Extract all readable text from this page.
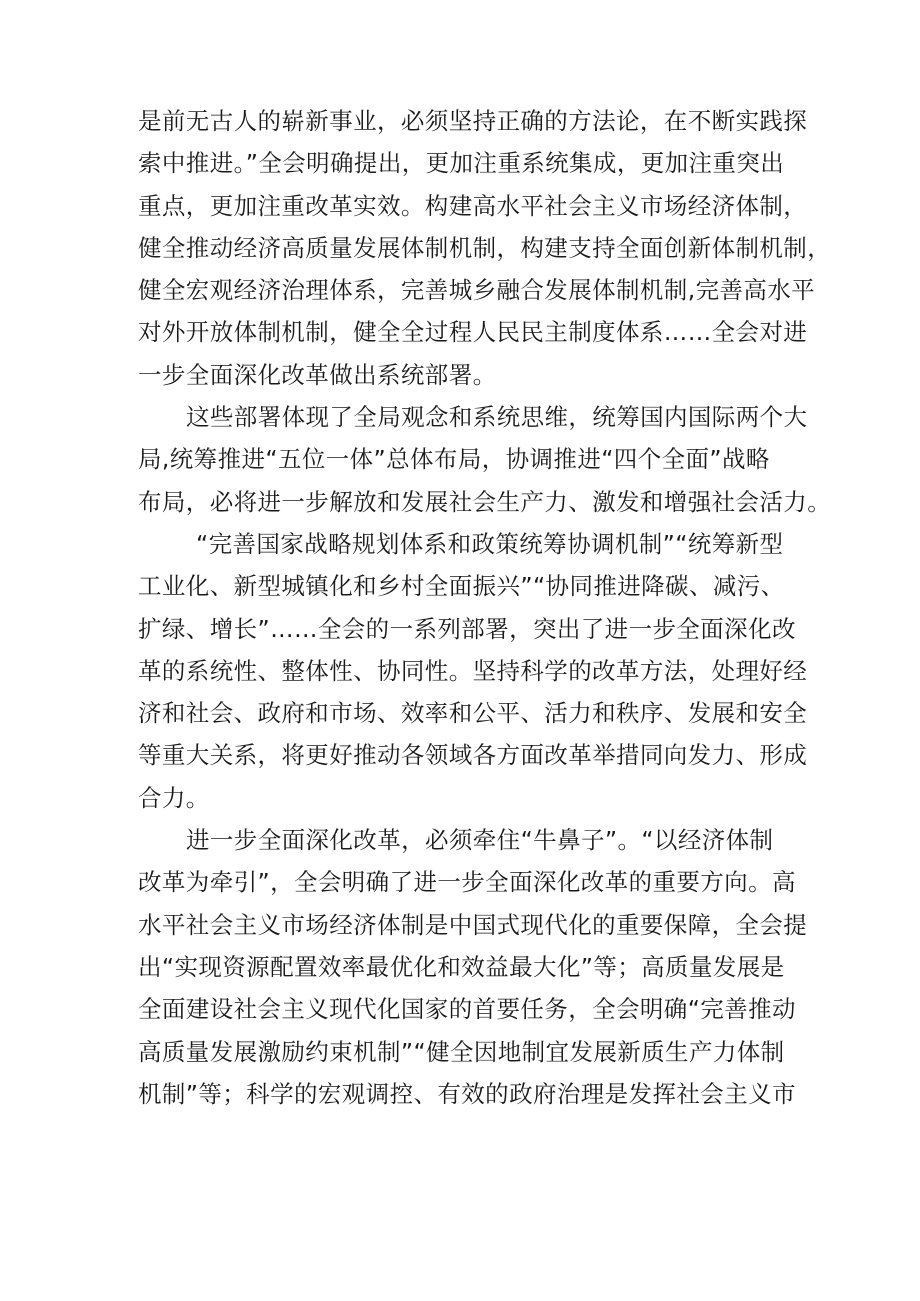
是前无古人的崭新事业，必须坚持正确的方法论，在不断实践探
索中推进。”全会明确提出，更加注重系统集成，更加注重突出
重点，更加注重改革实效。构建高水平社会主义市场经济体制，
健全推动经济高质量发展体制机制，构建支持全面创新体制机制，
健全宏观经济治理体系，完善城乡融合发展体制机制,完善高水平
对外开放体制机制，健全全过程人民民主制度体系……全会对进
一步全面深化改革做出系统部署。
这些部署体现了全局观念和系统思维，统筹国内国际两个大
局,统筹推进“五位一体”总体布局，协调推进“四个全面”战略
布局，必将进一步解放和发展社会生产力、激发和增强社会活力。
“完善国家战略规划体系和政策统筹协调机制”“统筹新型
工业化、新型城镇化和乡村全面振兴”“协同推进降碳、减污、
扩绿、增长”……全会的一系列部署，突出了进一步全面深化改
革的系统性、整体性、协同性。坚持科学的改革方法，处理好经
济和社会、政府和市场、效率和公平、活力和秩序、发展和安全
等重大关系，将更好推动各领域各方面改革举措同向发力、形成
合力。
进一步全面深化改革，必须牵住“牛鼻子”。“以经济体制
改革为牵引”，全会明确了进一步全面深化改革的重要方向。高
水平社会主义市场经济体制是中国式现代化的重要保障，全会提
出“实现资源配置效率最优化和效益最大化”等；高质量发展是
全面建设社会主义现代化国家的首要任务，全会明确“完善推动
高质量发展激励约束机制”“健全因地制宜发展新质生产力体制
机制”等；科学的宏观调控、有效的政府治理是发挥社会主义市
